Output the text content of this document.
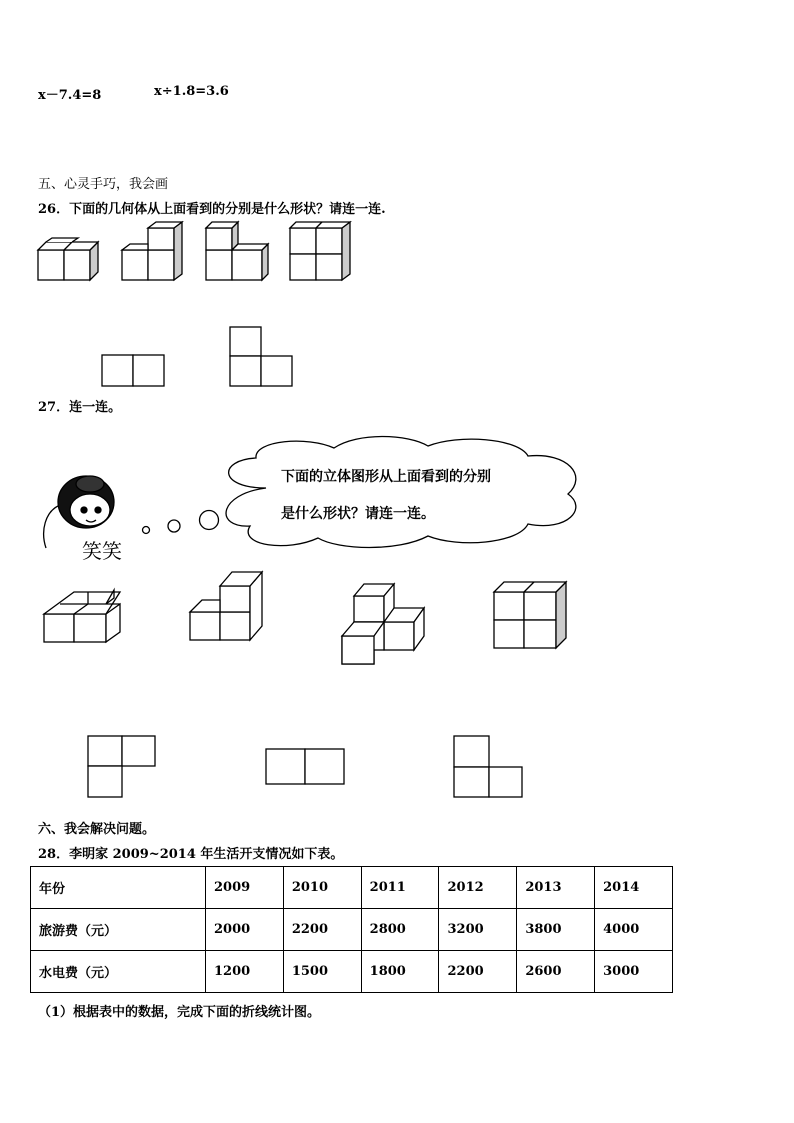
x－7.4=8	x÷1.8=3.6
五、心灵手巧，我会画
26．下面的几何体从上面看到的分别是什么形状？请连一连.
27．连一连。
笑笑
下面的立体图形从上面看到的分别
是什么形状？请连一连。
六、我会解决问题。
28．李明家 2009~2014 年生活开支情况如下表。
年份	2009	2010	2011	2012	2013	2014
旅游费（元）	2000	2200	2800	3200	3800	4000
水电费（元）	1200	1500	1800	2200	2600	3000
（1）根据表中的数据，完成下面的折线统计图。
